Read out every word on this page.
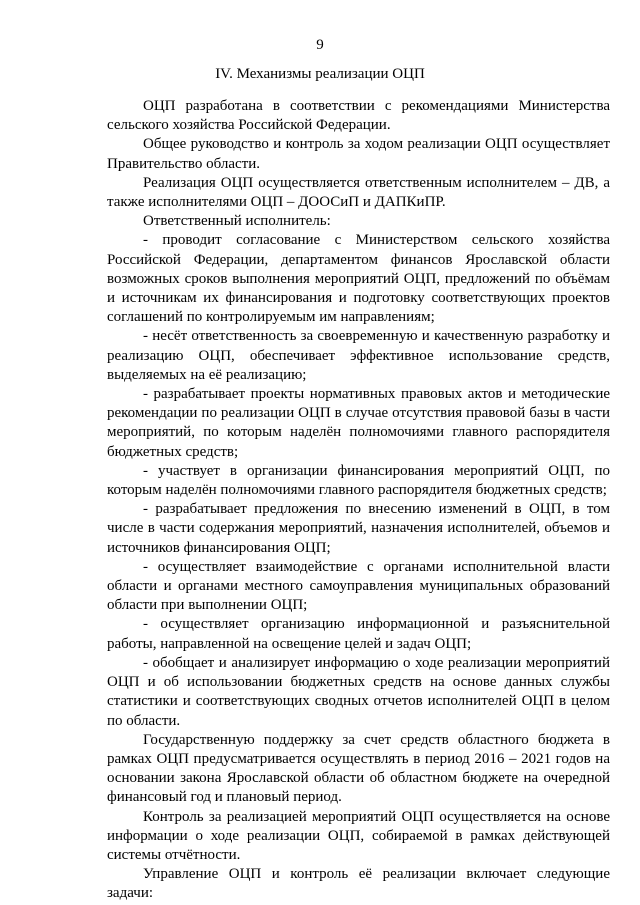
9
IV. Механизмы реализации ОЦП

ОЦП разработана в соответствии с рекомендациями Министерства сельского хозяйства Российской Федерации.

Общее руководство и контроль за ходом реализации ОЦП осуществляет Правительство области.

Реализация ОЦП осуществляется ответственным исполнителем – ДВ, а также исполнителями ОЦП – ДООСиП и ДАПКиПР.

Ответственный исполнитель:

- проводит согласование с Министерством сельского хозяйства Российской Федерации, департаментом финансов Ярославской области возможных сроков выполнения мероприятий ОЦП, предложений по объёмам и источникам их финансирования и подготовку соответствующих проектов соглашений по контролируемым им направлениям;

- несёт ответственность за своевременную и качественную разработку и реализацию ОЦП, обеспечивает эффективное использование средств, выделяемых на её реализацию;

- разрабатывает проекты нормативных правовых актов и методические рекомендации по реализации ОЦП в случае отсутствия правовой базы в части мероприятий, по которым наделён полномочиями главного распорядителя бюджетных средств;

- участвует в организации финансирования мероприятий ОЦП, по которым наделён полномочиями главного распорядителя бюджетных средств;

- разрабатывает предложения по внесению изменений в ОЦП, в том числе в части содержания мероприятий, назначения исполнителей, объемов и источников финансирования ОЦП;

- осуществляет взаимодействие с органами исполнительной власти области и органами местного самоуправления муниципальных образований области при выполнении ОЦП;

- осуществляет организацию информационной и разъяснительной работы, направленной на освещение целей и задач ОЦП;

- обобщает и анализирует информацию о ходе реализации мероприятий ОЦП и об использовании бюджетных средств на основе данных службы статистики и соответствующих сводных отчетов исполнителей ОЦП в целом по области.

Государственную поддержку за счет средств областного бюджета в рамках ОЦП предусматривается осуществлять в период 2016 – 2021 годов на основании закона Ярославской области об областном бюджете на очередной финансовый год и плановый период.

Контроль за реализацией мероприятий ОЦП осуществляется на основе информации о ходе реализации ОЦП, собираемой в рамках действующей системы отчётности.

Управление ОЦП и контроль её реализации включает следующие задачи:
